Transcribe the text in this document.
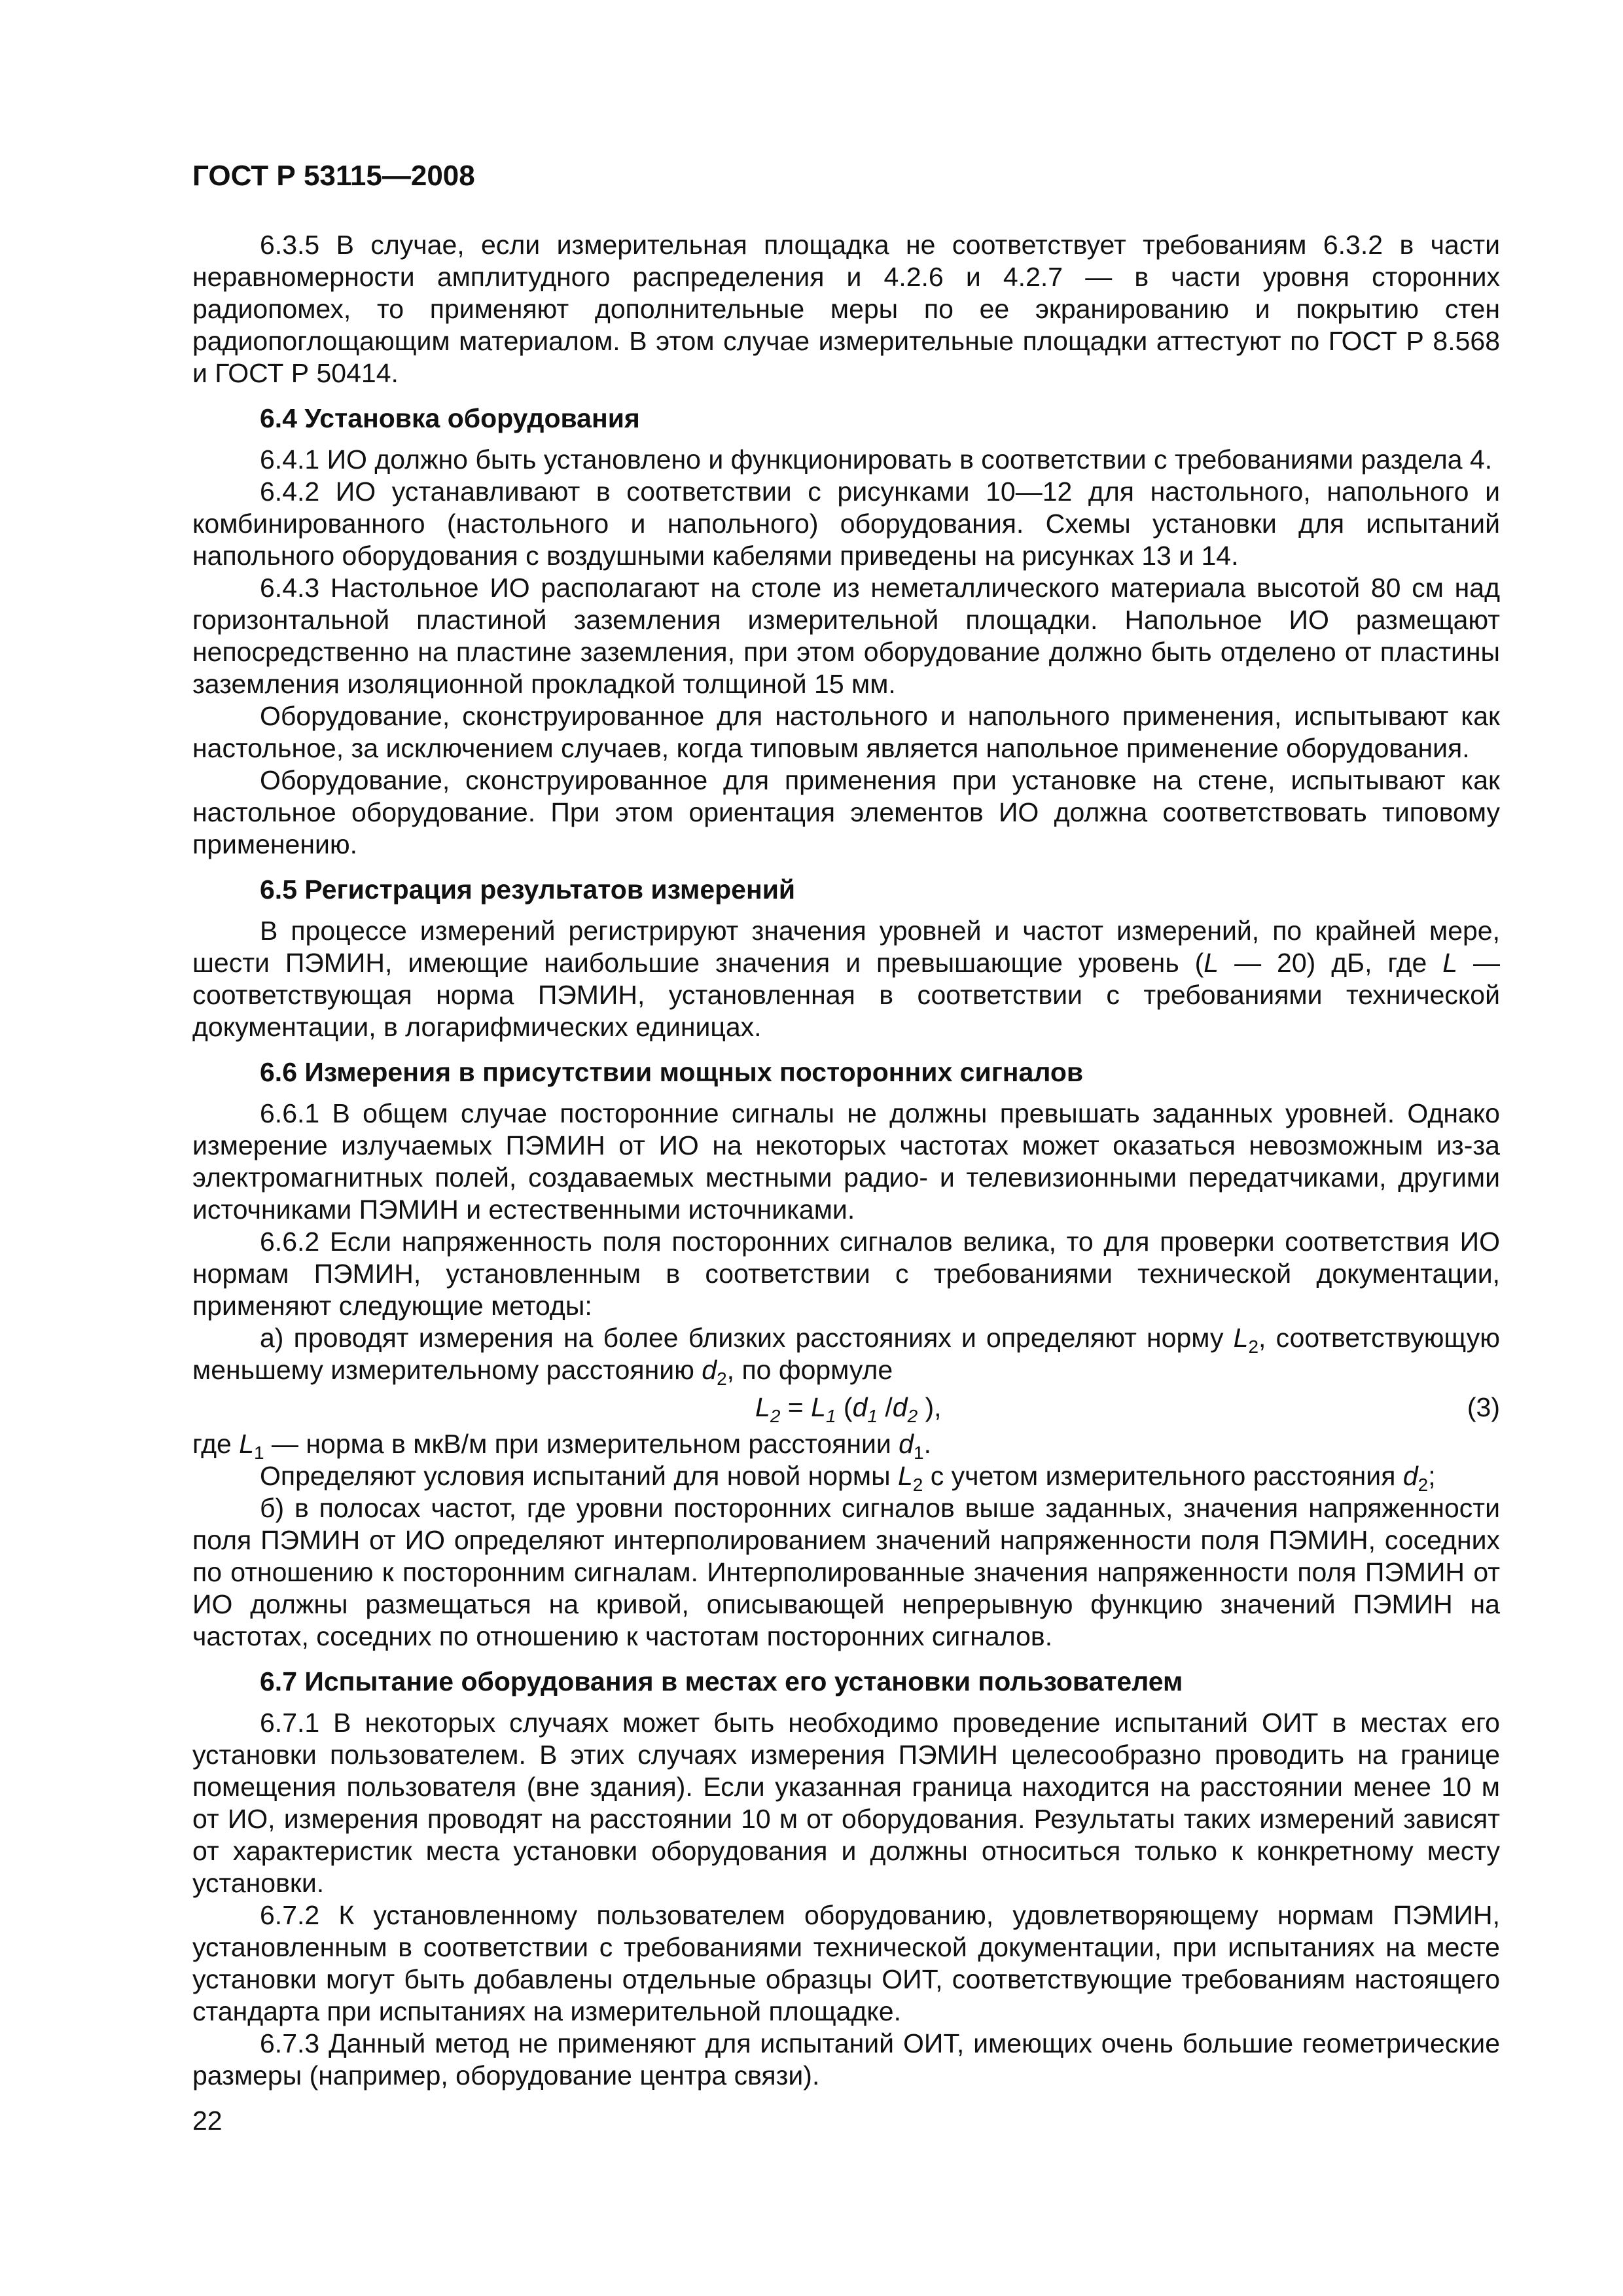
ГОСТ Р 53115—2008

6.3.5 В случае, если измерительная площадка не соответствует требованиям 6.3.2 в части неравномерности амплитудного распределения и 4.2.6 и 4.2.7 — в части уровня сторонних радиопомех, то применяют дополнительные меры по ее экранированию и покрытию стен радиопоглощающим материалом. В этом случае измерительные площадки аттестуют по ГОСТ Р 8.568 и ГОСТ Р 50414.

6.4 Установка оборудования

6.4.1 ИО должно быть установлено и функционировать в соответствии с требованиями раздела 4.

6.4.2 ИО устанавливают в соответствии с рисунками 10—12 для настольного, напольного и комбинированного (настольного и напольного) оборудования. Схемы установки для испытаний напольного оборудования с воздушными кабелями приведены на рисунках 13 и 14.

6.4.3 Настольное ИО располагают на столе из неметаллического материала высотой 80 см над горизонтальной пластиной заземления измерительной площадки. Напольное ИО размещают непосредственно на пластине заземления, при этом оборудование должно быть отделено от пластины заземления изоляционной прокладкой толщиной 15 мм.

Оборудование, сконструированное для настольного и напольного применения, испытывают как настольное, за исключением случаев, когда типовым является напольное применение оборудования.

Оборудование, сконструированное для применения при установке на стене, испытывают как настольное оборудование. При этом ориентация элементов ИО должна соответствовать типовому применению.

6.5 Регистрация результатов измерений

В процессе измерений регистрируют значения уровней и частот измерений, по крайней мере, шести ПЭМИН, имеющие наибольшие значения и превышающие уровень (L — 20) дБ, где L — соответствующая норма ПЭМИН, установленная в соответствии с требованиями технической документации, в логарифмических единицах.

6.6 Измерения в присутствии мощных посторонних сигналов

6.6.1 В общем случае посторонние сигналы не должны превышать заданных уровней. Однако измерение излучаемых ПЭМИН от ИО на некоторых частотах может оказаться невозможным из-за электромагнитных полей, создаваемых местными радио- и телевизионными передатчиками, другими источниками ПЭМИН и естественными источниками.

6.6.2 Если напряженность поля посторонних сигналов велика, то для проверки соответствия ИО нормам ПЭМИН, установленным в соответствии с требованиями технической документации, применяют следующие методы:

а) проводят измерения на более близких расстояниях и определяют норму $L_2$, соответствующую меньшему измерительному расстоянию $d_2$, по формуле

$L_2 = L_1$ ($d_1$ $/d_2$ ),	(3)

где $L_1$ — норма в мкВ/м при измерительном расстоянии $d_1$.

Определяют условия испытаний для новой нормы $L_2$ с учетом измерительного расстояния $d_2$;

б) в полосах частот, где уровни посторонних сигналов выше заданных, значения напряженности поля ПЭМИН от ИО определяют интерполированием значений напряженности поля ПЭМИН, соседних по отношению к посторонним сигналам. Интерполированные значения напряженности поля ПЭМИН от ИО должны размещаться на кривой, описывающей непрерывную функцию значений ПЭМИН на частотах, соседних по отношению к частотам посторонних сигналов.

6.7 Испытание оборудования в местах его установки пользователем

6.7.1 В некоторых случаях может быть необходимо проведение испытаний ОИТ в местах его установки пользователем. В этих случаях измерения ПЭМИН целесообразно проводить на границе помещения пользователя (вне здания). Если указанная граница находится на расстоянии менее 10 м от ИО, измерения проводят на расстоянии 10 м от оборудования. Результаты таких измерений зависят от характеристик места установки оборудования и должны относиться только к конкретному месту установки.

6.7.2 К установленному пользователем оборудованию, удовлетворяющему нормам ПЭМИН, установленным в соответствии с требованиями технической документации, при испытаниях на месте установки могут быть добавлены отдельные образцы ОИТ, соответствующие требованиям настоящего стандарта при испытаниях на измерительной площадке.

6.7.3 Данный метод не применяют для испытаний ОИТ, имеющих очень большие геометрические размеры (например, оборудование центра связи).

22
